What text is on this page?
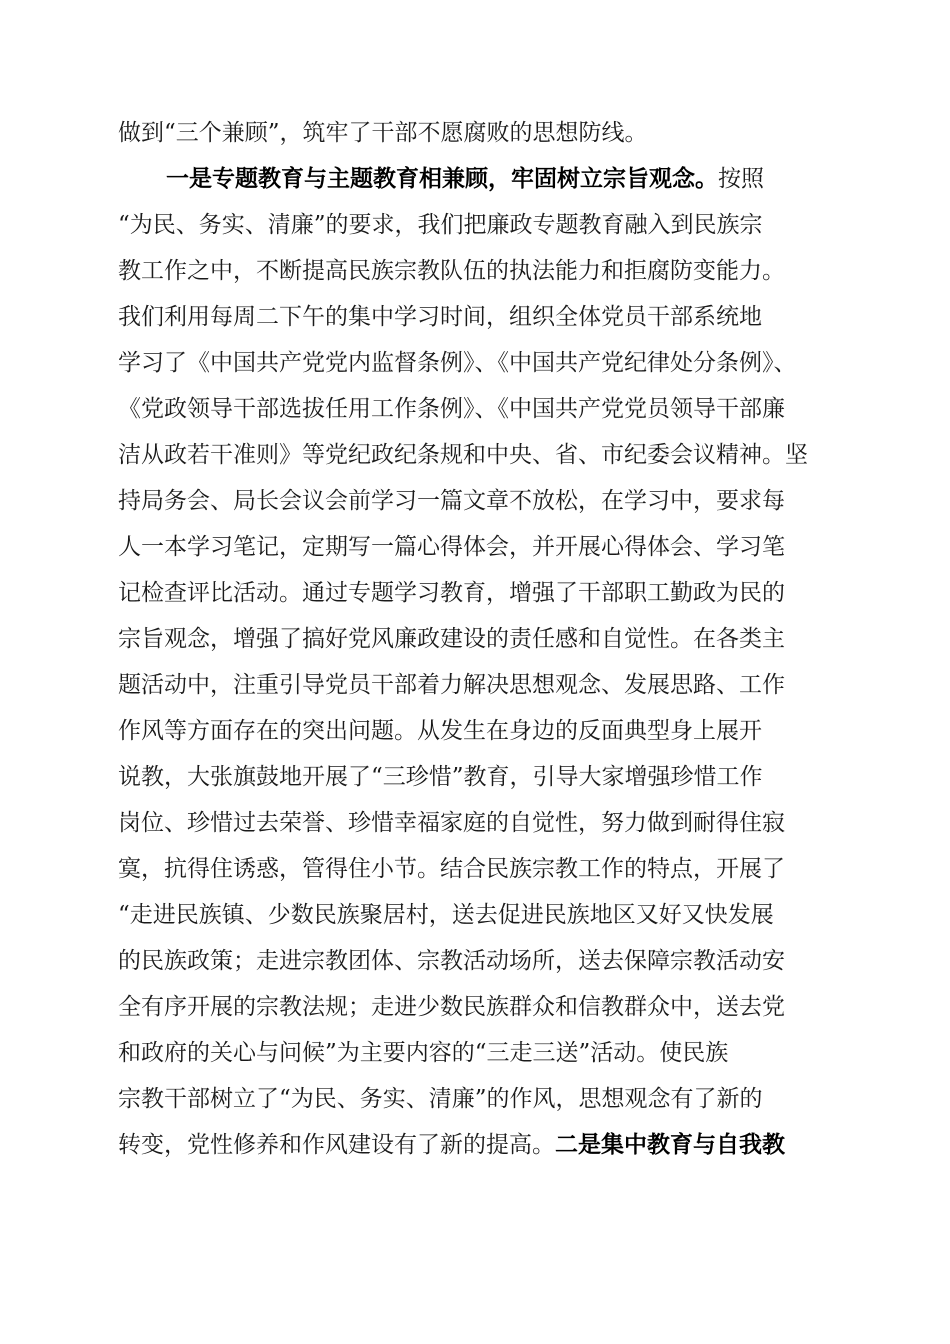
做到“三个兼顾”，筑牢了干部不愿腐败的思想防线。
一是专题教育与主题教育相兼顾，牢固树立宗旨观念。按照
“为民、务实、清廉”的要求，我们把廉政专题教育融入到民族宗
教工作之中，不断提高民族宗教队伍的执法能力和拒腐防变能力。
我们利用每周二下午的集中学习时间，组织全体党员干部系统地
学习了《中国共产党党内监督条例》、《中国共产党纪律处分条例》、
《党政领导干部选拔任用工作条例》、《中国共产党党员领导干部廉
洁从政若干准则》等党纪政纪条规和中央、省、市纪委会议精神。坚
持局务会、局长会议会前学习一篇文章不放松，在学习中，要求每
人一本学习笔记，定期写一篇心得体会，并开展心得体会、学习笔
记检查评比活动。通过专题学习教育，增强了干部职工勤政为民的
宗旨观念，增强了搞好党风廉政建设的责任感和自觉性。在各类主
题活动中，注重引导党员干部着力解决思想观念、发展思路、工作
作风等方面存在的突出问题。从发生在身边的反面典型身上展开
说教，大张旗鼓地开展了“三珍惜”教育，引导大家增强珍惜工作
岗位、珍惜过去荣誉、珍惜幸福家庭的自觉性，努力做到耐得住寂
寞，抗得住诱惑，管得住小节。结合民族宗教工作的特点，开展了
“走进民族镇、少数民族聚居村，送去促进民族地区又好又快发展
的民族政策；走进宗教团体、宗教活动场所，送去保障宗教活动安
全有序开展的宗教法规；走进少数民族群众和信教群众中，送去党
和政府的关心与问候”为主要内容的“三走三送”活动。使民族
宗教干部树立了“为民、务实、清廉”的作风，思想观念有了新的
转变，党性修养和作风建设有了新的提高。二是集中教育与自我教
